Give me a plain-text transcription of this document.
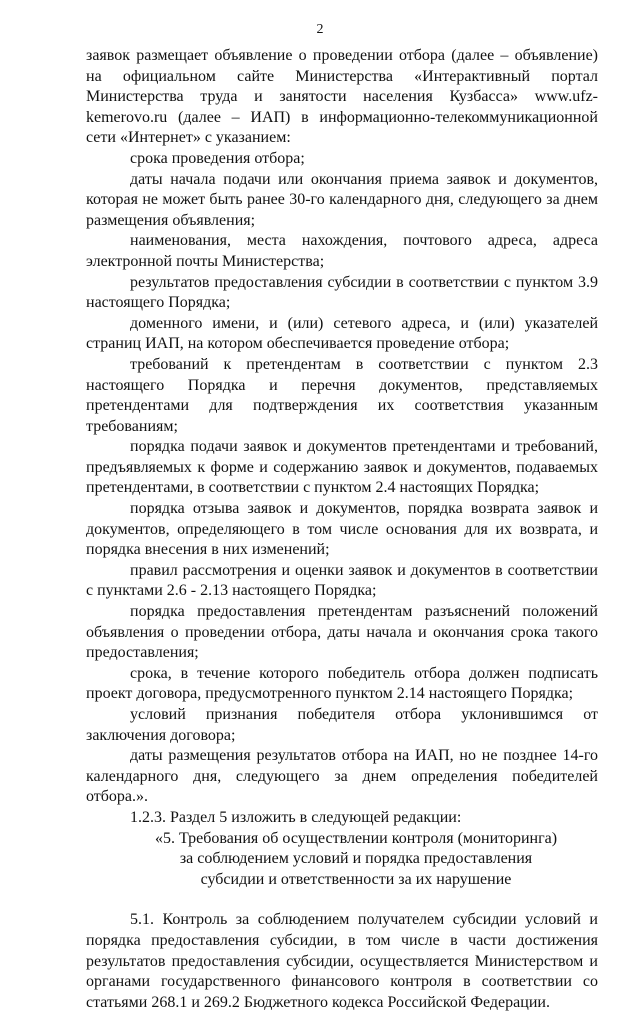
2

заявок размещает объявление о проведении отбора (далее – объявление) на официальном сайте Министерства «Интерактивный портал Министерства труда и занятости населения Кузбасса» www.ufz-kemerovo.ru (далее – ИАП) в информационно-телекоммуникационной сети «Интернет» с указанием:

срока проведения отбора;

даты начала подачи или окончания приема заявок и документов, которая не может быть ранее 30-го календарного дня, следующего за днем размещения объявления;

наименования, места нахождения, почтового адреса, адреса электронной почты Министерства;

результатов предоставления субсидии в соответствии с пунктом 3.9 настоящего Порядка;

доменного имени, и (или) сетевого адреса, и (или) указателей страниц ИАП, на котором обеспечивается проведение отбора;

требований к претендентам в соответствии с пунктом 2.3 настоящего Порядка и перечня документов, представляемых претендентами для подтверждения их соответствия указанным требованиям;

порядка подачи заявок и документов претендентами и требований, предъявляемых к форме и содержанию заявок и документов, подаваемых претендентами, в соответствии с пунктом 2.4 настоящих Порядка;

порядка отзыва заявок и документов, порядка возврата заявок и документов, определяющего в том числе основания для их возврата, и порядка внесения в них изменений;

правил рассмотрения и оценки заявок и документов в соответствии с пунктами 2.6 - 2.13 настоящего Порядка;

порядка предоставления претендентам разъяснений положений объявления о проведении отбора, даты начала и окончания срока такого предоставления;

срока, в течение которого победитель отбора должен подписать проект договора, предусмотренного пунктом 2.14 настоящего Порядка;

условий признания победителя отбора уклонившимся от заключения договора;

даты размещения результатов отбора на ИАП, но не позднее 14-го календарного дня, следующего за днем определения победителей отбора.».

1.2.3. Раздел 5 изложить в следующей редакции:

«5. Требования об осуществлении контроля (мониторинга)

за соблюдением условий и порядка предоставления

субсидии и ответственности за их нарушение

5.1. Контроль за соблюдением получателем субсидии условий и порядка предоставления субсидии, в том числе в части достижения результатов предоставления субсидии, осуществляется Министерством и органами государственного финансового контроля в соответствии со статьями 268.1 и 269.2 Бюджетного кодекса Российской Федерации.
